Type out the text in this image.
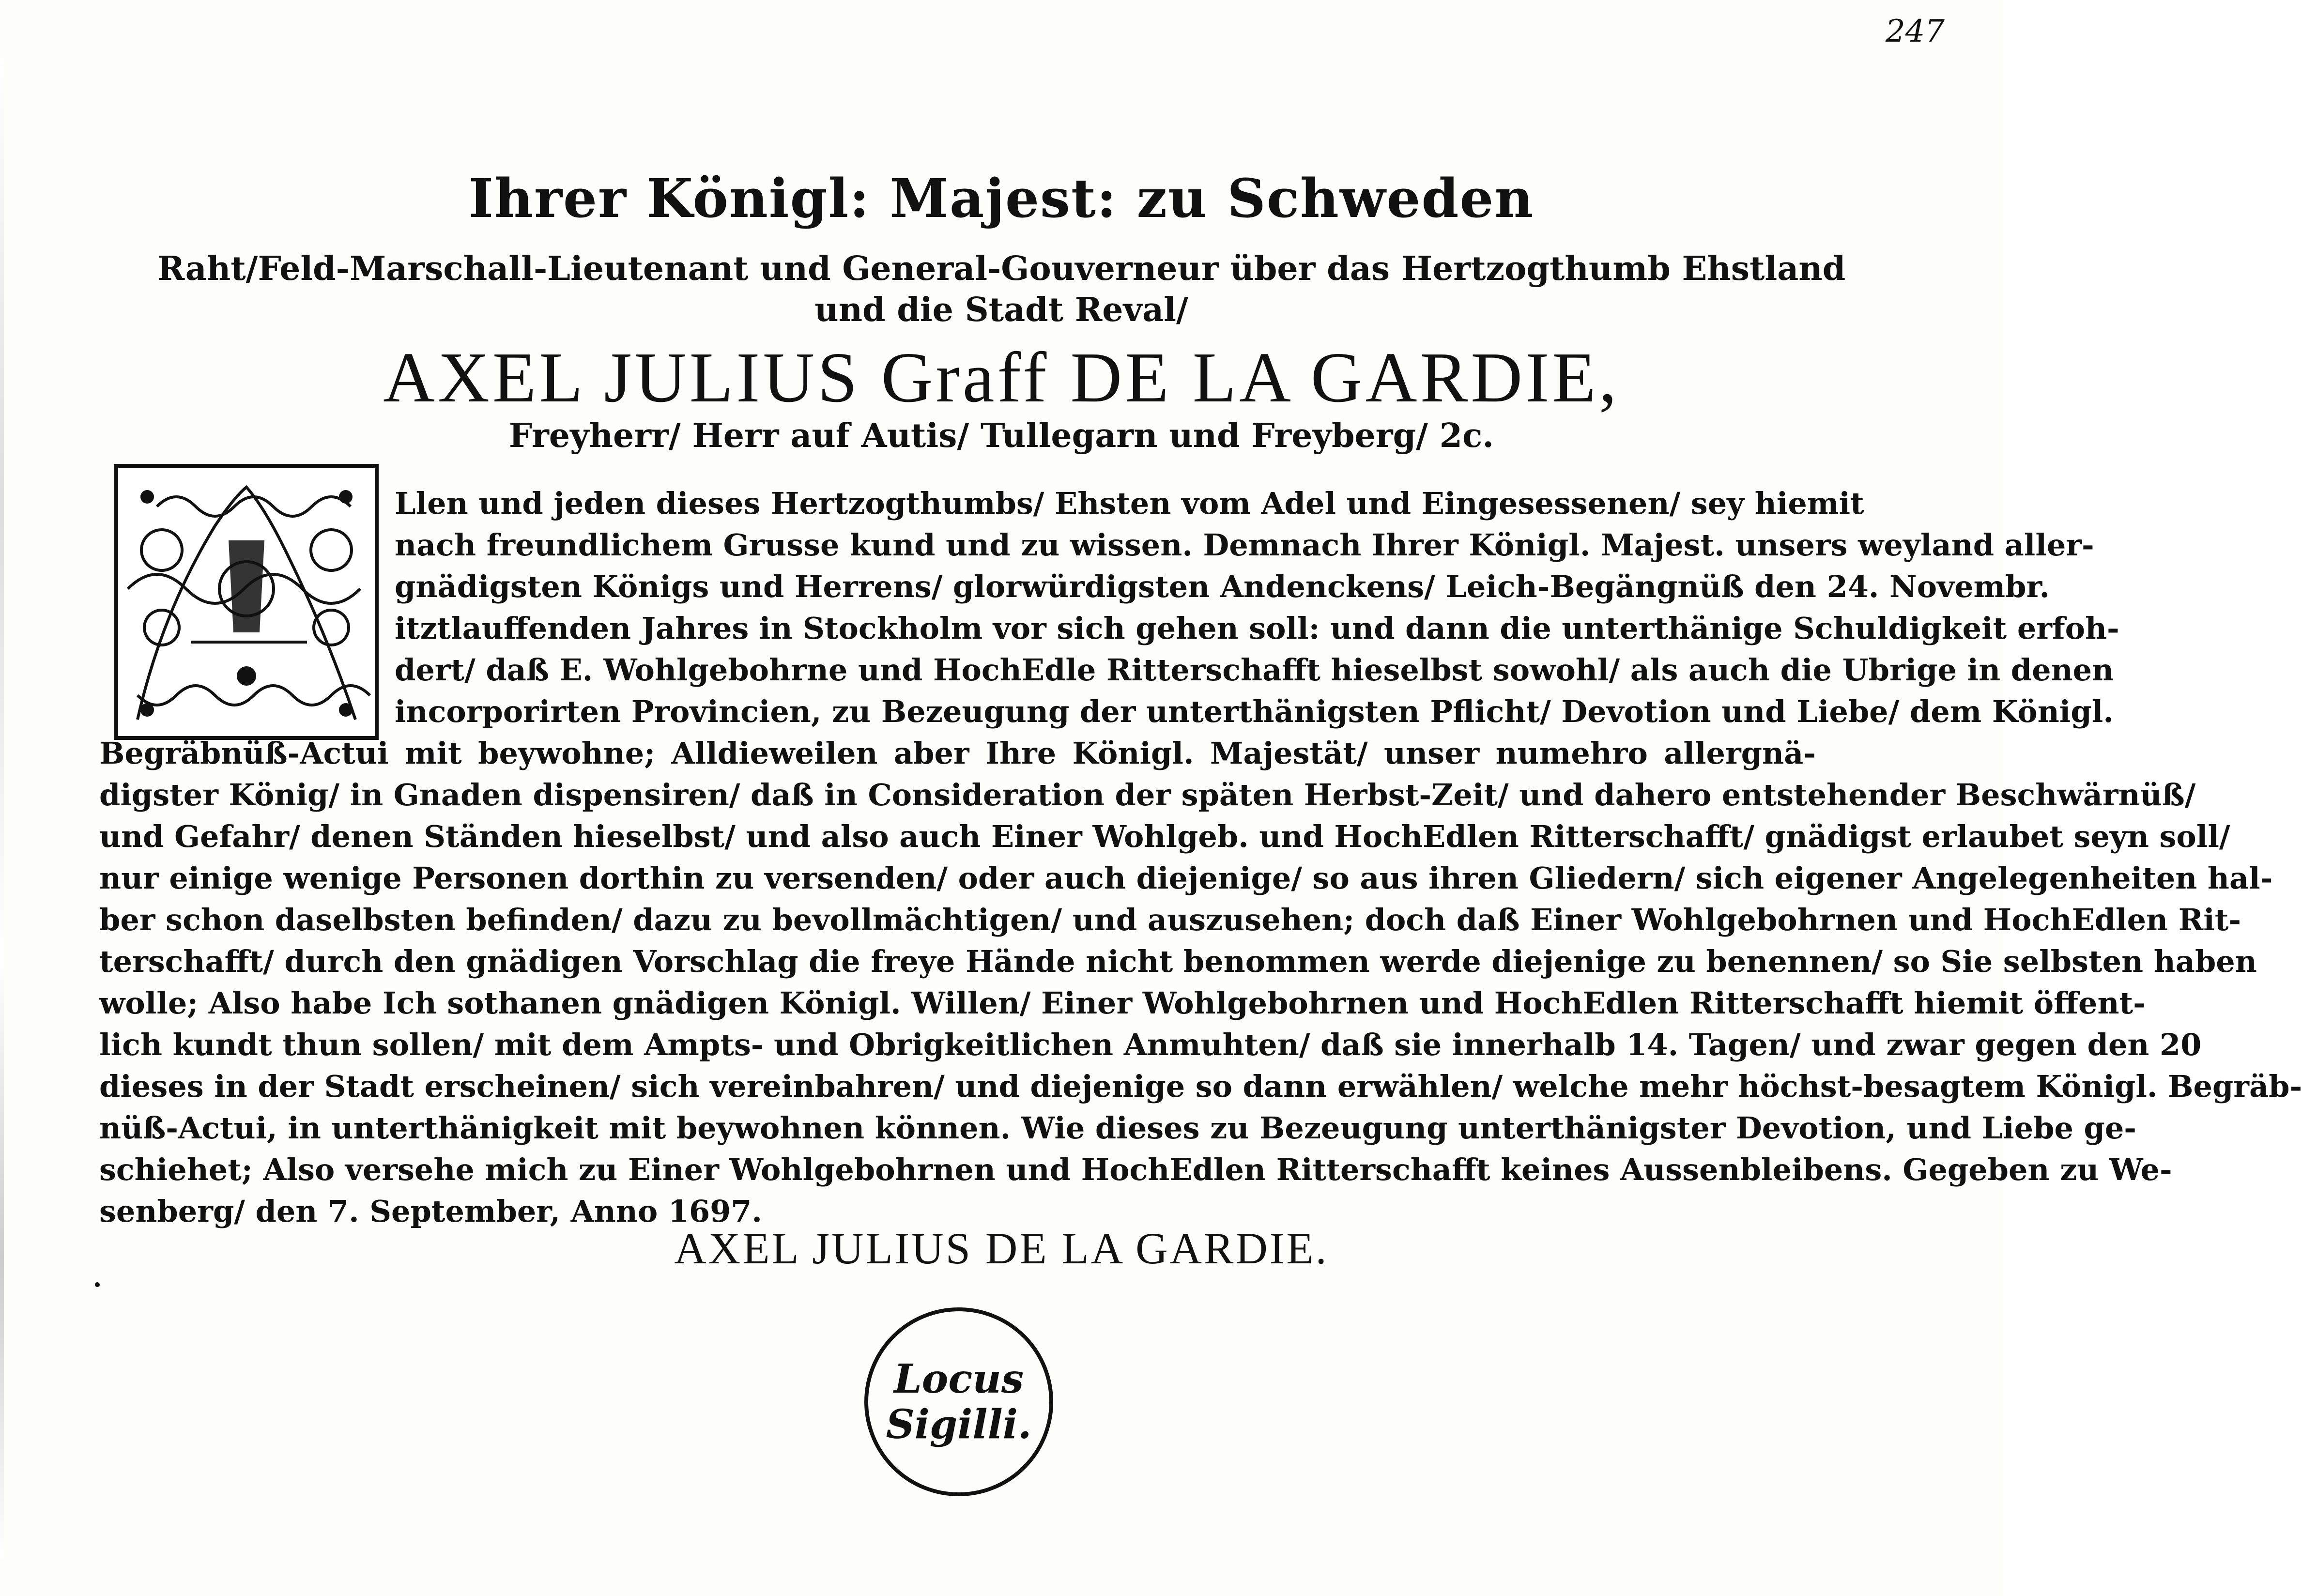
247
Ihrer Königl: Majest: zu Schweden
Raht/Feld-Marschall-Lieutenant und General-Gouverneur über das Hertzogthumb Ehstland
und die Stadt Reval/
AXEL JULIUS Graff DE LA GARDIE,
Freyherr/ Herr auf Autis/ Tullegarn und Freyberg/ 2c.
Llen und jeden dieses Hertzogthumbs/ Ehsten vom Adel und Eingesessenen/ sey hiemit
nach freundlichem Grusse kund und zu wissen. Demnach Ihrer Königl. Majest. unsers weyland aller-
gnädigsten Königs und Herrens/ glorwürdigsten Andenckens/ Leich-Begängnüß den 24. Novembr.
itztlauffenden Jahres in Stockholm vor sich gehen soll: und dann die unterthänige Schuldigkeit erfoh-
dert/ daß E. Wohlgebohrne und HochEdle Ritterschafft hieselbst sowohl/ als auch die Ubrige in denen
incorporirten Provincien, zu Bezeugung der unterthänigsten Pflicht/ Devotion und Liebe/ dem Königl.
Begräbnüß-Actui mit beywohne; Alldieweilen aber Ihre Königl. Majestät/ unser numehro allergnä-
digster König/ in Gnaden dispensiren/ daß in Consideration der späten Herbst-Zeit/ und dahero entstehender Beschwärnüß/
und Gefahr/ denen Ständen hieselbst/ und also auch Einer Wohlgeb. und HochEdlen Ritterschafft/ gnädigst erlaubet seyn soll/
nur einige wenige Personen dorthin zu versenden/ oder auch diejenige/ so aus ihren Gliedern/ sich eigener Angelegenheiten hal-
ber schon daselbsten befinden/ dazu zu bevollmächtigen/ und auszusehen; doch daß Einer Wohlgebohrnen und HochEdlen Rit-
terschafft/ durch den gnädigen Vorschlag die freye Hände nicht benommen werde diejenige zu benennen/ so Sie selbsten haben
wolle; Also habe Ich sothanen gnädigen Königl. Willen/ Einer Wohlgebohrnen und HochEdlen Ritterschafft hiemit öffent-
lich kundt thun sollen/ mit dem Ampts- und Obrigkeitlichen Anmuhten/ daß sie innerhalb 14. Tagen/ und zwar gegen den 20
dieses in der Stadt erscheinen/ sich vereinbahren/ und diejenige so dann erwählen/ welche mehr höchst-besagtem Königl. Begräb-
nüß-Actui, in unterthänigkeit mit beywohnen können. Wie dieses zu Bezeugung unterthänigster Devotion, und Liebe ge-
schiehet; Also versehe mich zu Einer Wohlgebohrnen und HochEdlen Ritterschafft keines Aussenbleibens. Gegeben zu We-
senberg/ den 7. September, Anno 1697.
AXEL JULIUS DE LA GARDIE.
Locus
Sigilli.
